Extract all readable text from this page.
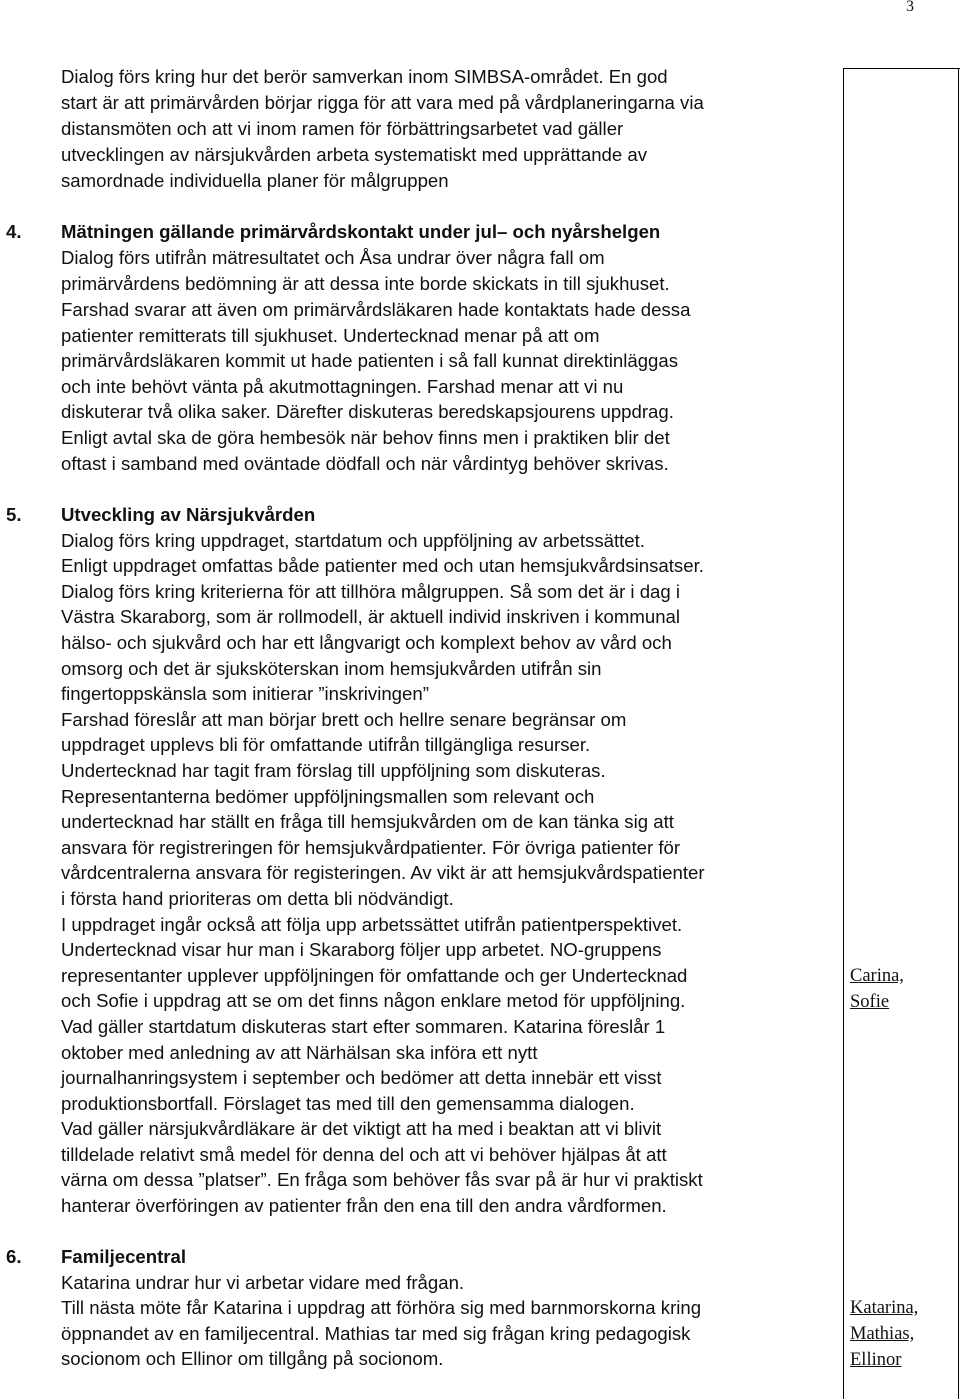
3
Dialog förs kring hur det berör samverkan inom SIMBSA-området. En god
start är att primärvården börjar rigga för att vara med på vårdplaneringarna via
distansmöten och att vi inom ramen för förbättringsarbetet vad gäller
utvecklingen av närsjukvården arbeta systematiskt med upprättande av
samordnade individuella planer för målgruppen
4. Mätningen gällande primärvårdskontakt under jul– och nyårshelgen
Dialog förs utifrån mätresultatet och Åsa undrar över några fall om
primärvårdens bedömning är att dessa inte borde skickats in till sjukhuset.
Farshad svarar att även om primärvårdsläkaren hade kontaktats hade dessa
patienter remitterats till sjukhuset. Undertecknad menar på att om
primärvårdsläkaren kommit ut hade patienten i så fall kunnat direktinläggas
och inte behövt vänta på akutmottagningen. Farshad menar att vi nu
diskuterar två olika saker. Därefter diskuteras beredskapsjourens uppdrag.
Enligt avtal ska de göra hembesök när behov finns men i praktiken blir det
oftast i samband med oväntade dödfall och när vårdintyg behöver skrivas.
5. Utveckling av Närsjukvården
Dialog förs kring uppdraget, startdatum och uppföljning av arbetssättet.
Enligt uppdraget omfattas både patienter med och utan hemsjukvårdsinsatser.
Dialog förs kring kriterierna för att tillhöra målgruppen. Så som det är i dag i
Västra Skaraborg, som är rollmodell, är aktuell individ inskriven i kommunal
hälso- och sjukvård och har ett långvarigt och komplext behov av vård och
omsorg och det är sjuksköterskan inom hemsjukvården utifrån sin
fingertoppskänsla som initierar ”inskrivingen”
Farshad föreslår att man börjar brett och hellre senare begränsar om
uppdraget upplevs bli för omfattande utifrån tillgängliga resurser.
Undertecknad har tagit fram förslag till uppföljning som diskuteras.
Representanterna bedömer uppföljningsmallen som relevant och
undertecknad har ställt en fråga till hemsjukvården om de kan tänka sig att
ansvara för registreringen för hemsjukvårdpatienter. För övriga patienter för
vårdcentralerna ansvara för registeringen. Av vikt är att hemsjukvårdspatienter
i första hand prioriteras om detta bli nödvändigt.
I uppdraget ingår också att följa upp arbetssättet utifrån patientperspektivet.
Undertecknad visar hur man i Skaraborg följer upp arbetet. NO-gruppens
representanter upplever uppföljningen för omfattande och ger Undertecknad
och Sofie i uppdrag att se om det finns någon enklare metod för uppföljning.
Vad gäller startdatum diskuteras start efter sommaren. Katarina föreslår 1
oktober med anledning av att Närhälsan ska införa ett nytt
journalhanringsystem i september och bedömer att detta innebär ett visst
produktionsbortfall. Förslaget tas med till den gemensamma dialogen.
Vad gäller närsjukvårdläkare är det viktigt att ha med i beaktan att vi blivit
tilldelade relativt små medel för denna del och att vi behöver hjälpas åt att
värna om dessa ”platser”. En fråga som behöver fås svar på är hur vi praktiskt
hanterar överföringen av patienter från den ena till den andra vårdformen.
6. Familjecentral
Katarina undrar hur vi arbetar vidare med frågan.
Till nästa möte får Katarina i uppdrag att förhöra sig med barnmorskorna kring
öppnandet av en familjecentral. Mathias tar med sig frågan kring pedagogisk
socionom och Ellinor om tillgång på socionom.
Carina,
Sofie
Katarina,
Mathias,
Ellinor
